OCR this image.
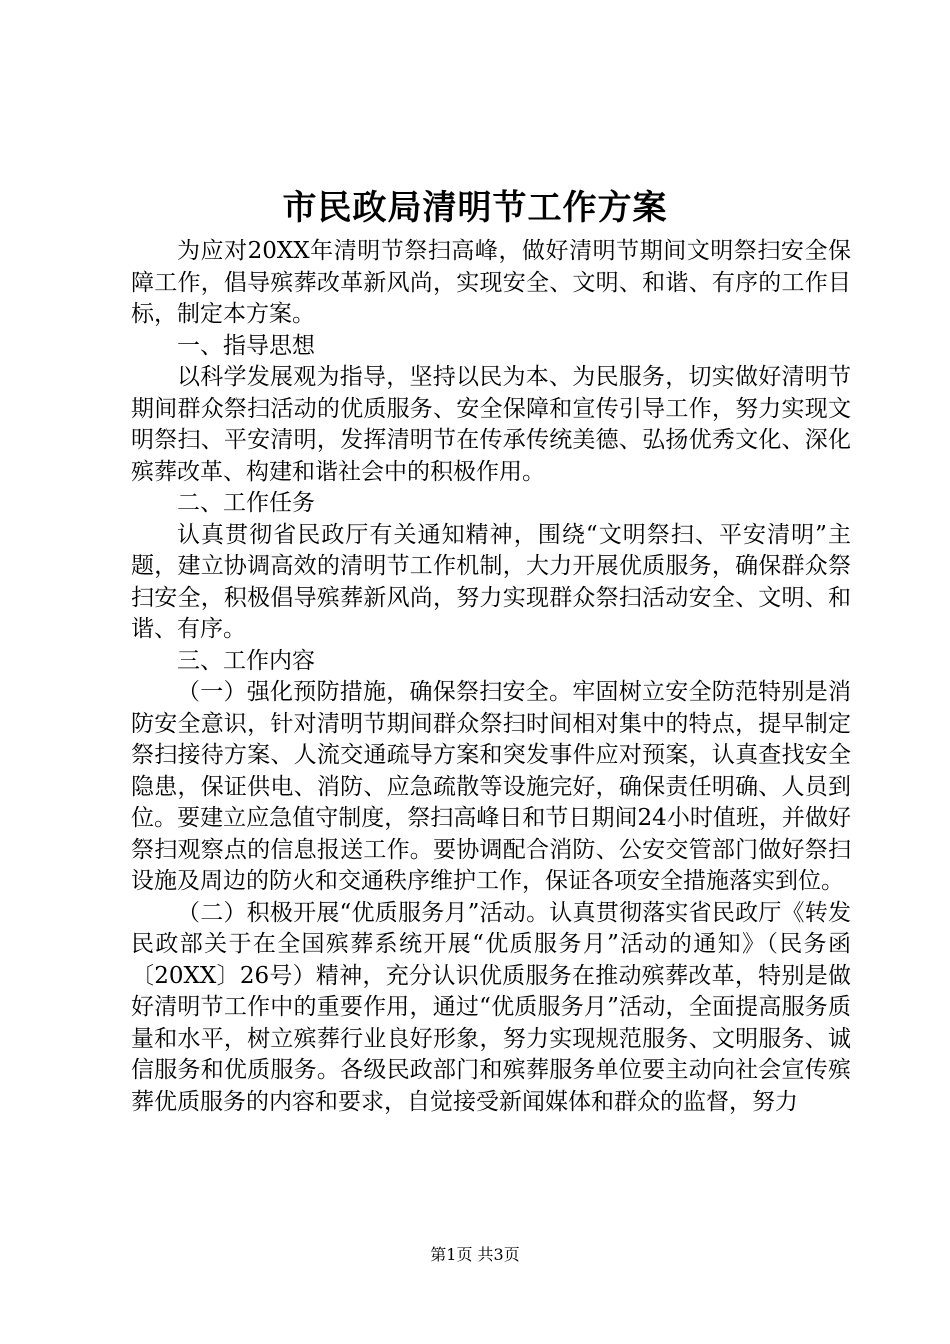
市民政局清明节工作方案

为应对20XX年清明节祭扫高峰，做好清明节期间文明祭扫安全保障工作，倡导殡葬改革新风尚，实现安全、文明、和谐、有序的工作目标，制定本方案。

一、指导思想

以科学发展观为指导，坚持以民为本、为民服务，切实做好清明节期间群众祭扫活动的优质服务、安全保障和宣传引导工作，努力实现文明祭扫、平安清明，发挥清明节在传承传统美德、弘扬优秀文化、深化殡葬改革、构建和谐社会中的积极作用。

二、工作任务

认真贯彻省民政厅有关通知精神，围绕“文明祭扫、平安清明”主题，建立协调高效的清明节工作机制，大力开展优质服务，确保群众祭扫安全，积极倡导殡葬新风尚，努力实现群众祭扫活动安全、文明、和谐、有序。

三、工作内容

（一）强化预防措施，确保祭扫安全。牢固树立安全防范特别是消防安全意识，针对清明节期间群众祭扫时间相对集中的特点，提早制定祭扫接待方案、人流交通疏导方案和突发事件应对预案，认真查找安全隐患，保证供电、消防、应急疏散等设施完好，确保责任明确、人员到位。要建立应急值守制度，祭扫高峰日和节日期间24小时值班，并做好祭扫观察点的信息报送工作。要协调配合消防、公安交管部门做好祭扫设施及周边的防火和交通秩序维护工作，保证各项安全措施落实到位。

（二）积极开展“优质服务月”活动。认真贯彻落实省民政厅《转发民政部关于在全国殡葬系统开展“优质服务月”活动的通知》（民务函〔20XX〕26号）精神，充分认识优质服务在推动殡葬改革，特别是做好清明节工作中的重要作用，通过“优质服务月”活动，全面提高服务质量和水平，树立殡葬行业良好形象，努力实现规范服务、文明服务、诚信服务和优质服务。各级民政部门和殡葬服务单位要主动向社会宣传殡葬优质服务的内容和要求，自觉接受新闻媒体和群众的监督，努力

第1页 共3页
